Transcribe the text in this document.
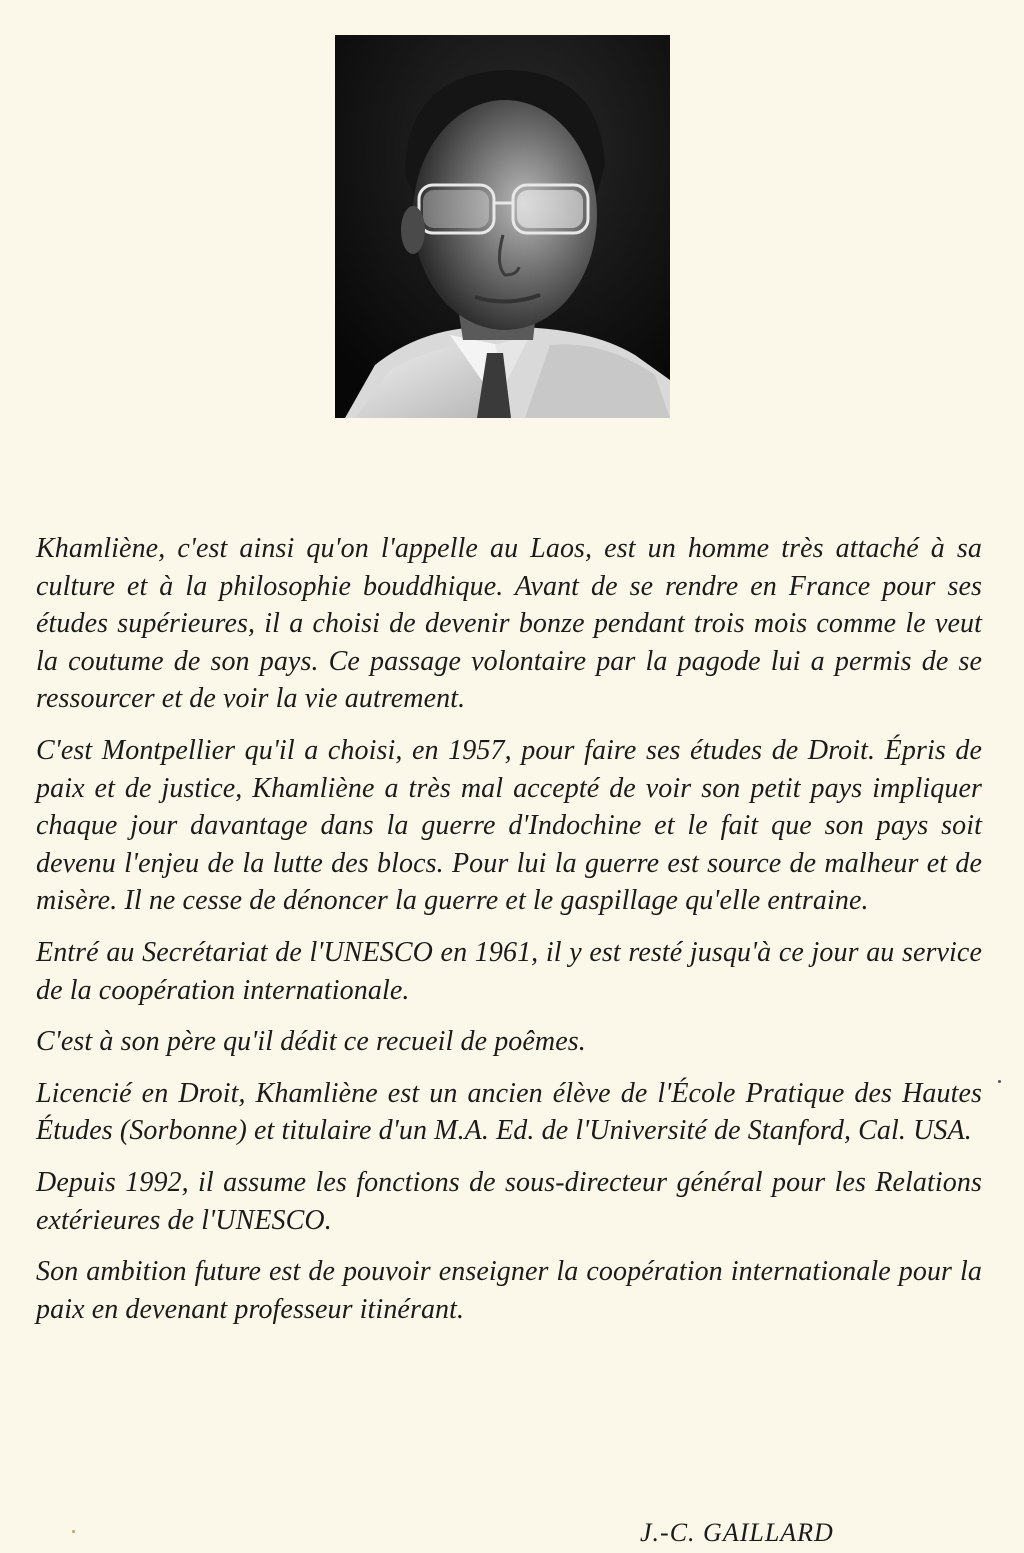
Khamliène, c'est ainsi qu'on l'appelle au Laos, est un homme très attaché à sa culture et à la philosophie bouddhique. Avant de se rendre en France pour ses études supérieures, il a choisi de devenir bonze pendant trois mois comme le veut la coutume de son pays. Ce passage volontaire par la pagode lui a permis de se ressourcer et de voir la vie autrement.

C'est Montpellier qu'il a choisi, en 1957, pour faire ses études de Droit. Épris de paix et de justice, Khamliène a très mal accepté de voir son petit pays impliquer chaque jour davantage dans la guerre d'Indochine et le fait que son pays soit devenu l'enjeu de la lutte des blocs. Pour lui la guerre est source de malheur et de misère. Il ne cesse de dénoncer la guerre et le gaspillage qu'elle entraine.

Entré au Secrétariat de l'UNESCO en 1961, il y est resté jusqu'à ce jour au service de la coopération internationale.

C'est à son père qu'il dédit ce recueil de poêmes.

Licencié en Droit, Khamliène est un ancien élève de l'École Pratique des Hautes Études (Sorbonne) et titulaire d'un M.A. Ed. de l'Université de Stanford, Cal. USA.

Depuis 1992, il assume les fonctions de sous-directeur général pour les Relations extérieures de l'UNESCO.

Son ambition future est de pouvoir enseigner la coopération internationale pour la paix en devenant professeur itinérant.

J.-C. GAILLARD
